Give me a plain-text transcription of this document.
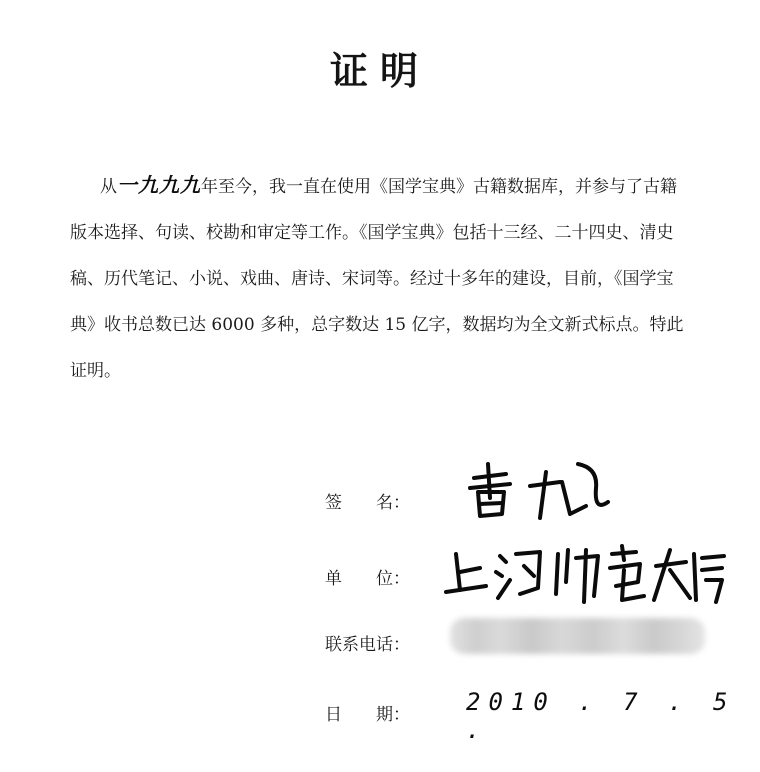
证明

从一九九九年至今，我一直在使用《国学宝典》古籍数据库，并参与了古籍版本选择、句读、校勘和审定等工作。《国学宝典》包括十三经、二十四史、清史稿、历代笔记、小说、戏曲、唐诗、宋词等。经过十多年的建设，目前，《国学宝典》收书总数已达 6000 多种，总字数达 15 亿字，数据均为全文新式标点。特此证明。

签　　名：
单　　位：
联系电话：
日　　期： 2010 . 7 . 5 .
